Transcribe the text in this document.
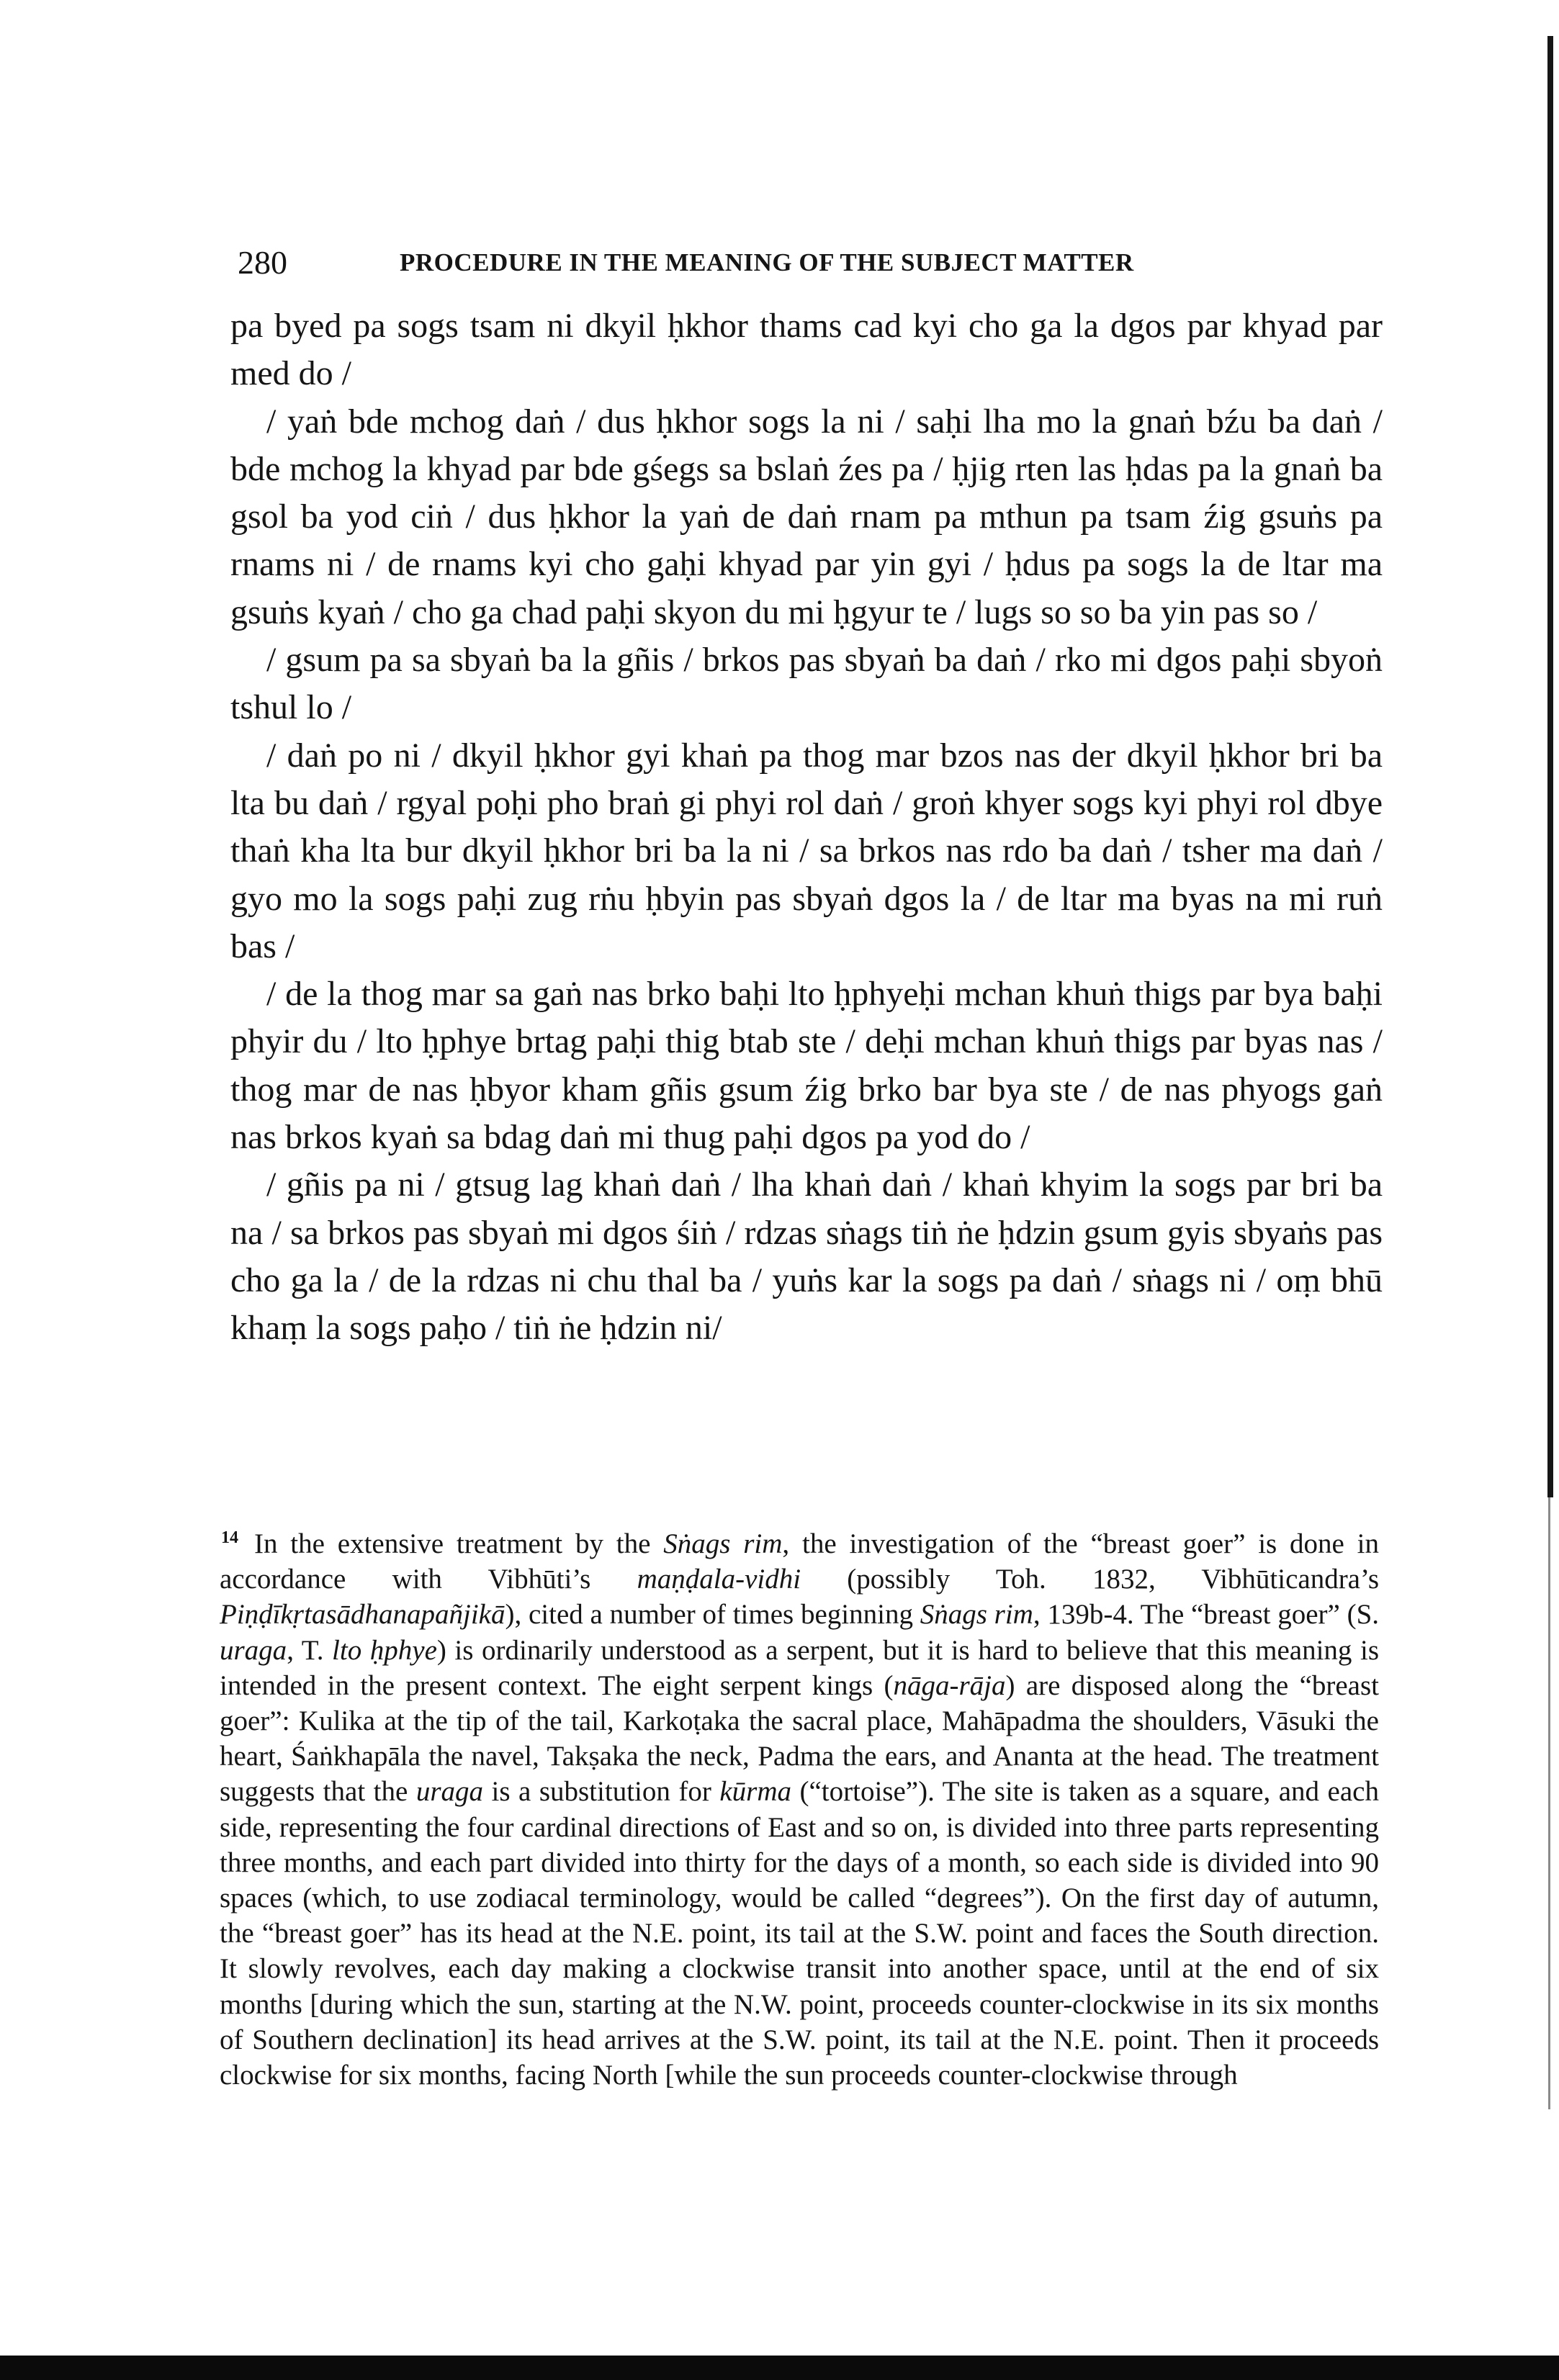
280	PROCEDURE IN THE MEANING OF THE SUBJECT MATTER

pa byed pa sogs tsam ni dkyil ḥkhor thams cad kyi cho ga la dgos par khyad par med do /

/ yaṅ bde mchog daṅ / dus ḥkhor sogs la ni / saḥi lha mo la gnaṅ bźu ba daṅ / bde mchog la khyad par bde gśegs sa bslaṅ źes pa / ḥjig rten las ḥdas pa la gnaṅ ba gsol ba yod ciṅ / dus ḥkhor la yaṅ de daṅ rnam pa mthun pa tsam źig gsuṅs pa rnams ni / de rnams kyi cho gaḥi khyad par yin gyi / ḥdus pa sogs la de ltar ma gsuṅs kyaṅ / cho ga chad paḥi skyon du mi ḥgyur te / lugs so so ba yin pas so /

/ gsum pa sa sbyaṅ ba la gñis / brkos pas sbyaṅ ba daṅ / rko mi dgos paḥi sbyoṅ tshul lo /

/ daṅ po ni / dkyil ḥkhor gyi khaṅ pa thog mar bzos nas der dkyil ḥkhor bri ba lta bu daṅ / rgyal poḥi pho braṅ gi phyi rol daṅ / groṅ khyer sogs kyi phyi rol dbye thaṅ kha lta bur dkyil ḥkhor bri ba la ni / sa brkos nas rdo ba daṅ / tsher ma daṅ / gyo mo la sogs paḥi zug rṅu ḥbyin pas sbyaṅ dgos la / de ltar ma byas na mi ruṅ bas /

/ de la thog mar sa gaṅ nas brko baḥi lto ḥphyeḥi mchan khuṅ thigs par bya baḥi phyir du / lto ḥphye brtag paḥi thig btab ste / deḥi mchan khuṅ thigs par byas nas / thog mar de nas ḥbyor kham gñis gsum źig brko bar bya ste / de nas phyogs gaṅ nas brkos kyaṅ sa bdag daṅ mi thug paḥi dgos pa yod do /

/ gñis pa ni / gtsug lag khaṅ daṅ / lha khaṅ daṅ / khaṅ khyim la sogs par bri ba na / sa brkos pas sbyaṅ mi dgos śiṅ / rdzas sṅags tiṅ ṅe ḥdzin gsum gyis sbyaṅs pas cho ga la / de la rdzas ni chu thal ba / yuṅs kar la sogs pa daṅ / sṅags ni / oṃ bhū khaṃ la sogs paḥo / tiṅ ṅe ḥdzin ni/

$^{14}$ In the extensive treatment by the Sṅags rim, the investigation of the “breast goer” is done in accordance with Vibhūti’s maṇḍala-vidhi (possibly Toh. 1832, Vibhūticandra’s Piṇḍīkṛtasādhanapañjikā), cited a number of times beginning Sṅags rim, 139b-4. The “breast goer” (S. uraga, T. lto ḥphye) is ordinarily understood as a serpent, but it is hard to believe that this meaning is intended in the present context. The eight serpent kings (nāga-rāja) are disposed along the “breast goer”: Kulika at the tip of the tail, Karkoṭaka the sacral place, Mahāpadma the shoulders, Vāsuki the heart, Śaṅkhapāla the navel, Takṣaka the neck, Padma the ears, and Ananta at the head. The treatment suggests that the uraga is a substitution for kūrma (“tortoise”). The site is taken as a square, and each side, representing the four cardinal directions of East and so on, is divided into three parts representing three months, and each part divided into thirty for the days of a month, so each side is divided into 90 spaces (which, to use zodiacal terminology, would be called “degrees”). On the first day of autumn, the “breast goer” has its head at the N.E. point, its tail at the S.W. point and faces the South direction. It slowly revolves, each day making a clockwise transit into another space, until at the end of six months [during which the sun, starting at the N.W. point, proceeds counter-clockwise in its six months of Southern declination] its head arrives at the S.W. point, its tail at the N.E. point. Then it proceeds clockwise for six months, facing North [while the sun proceeds counter-clockwise through
